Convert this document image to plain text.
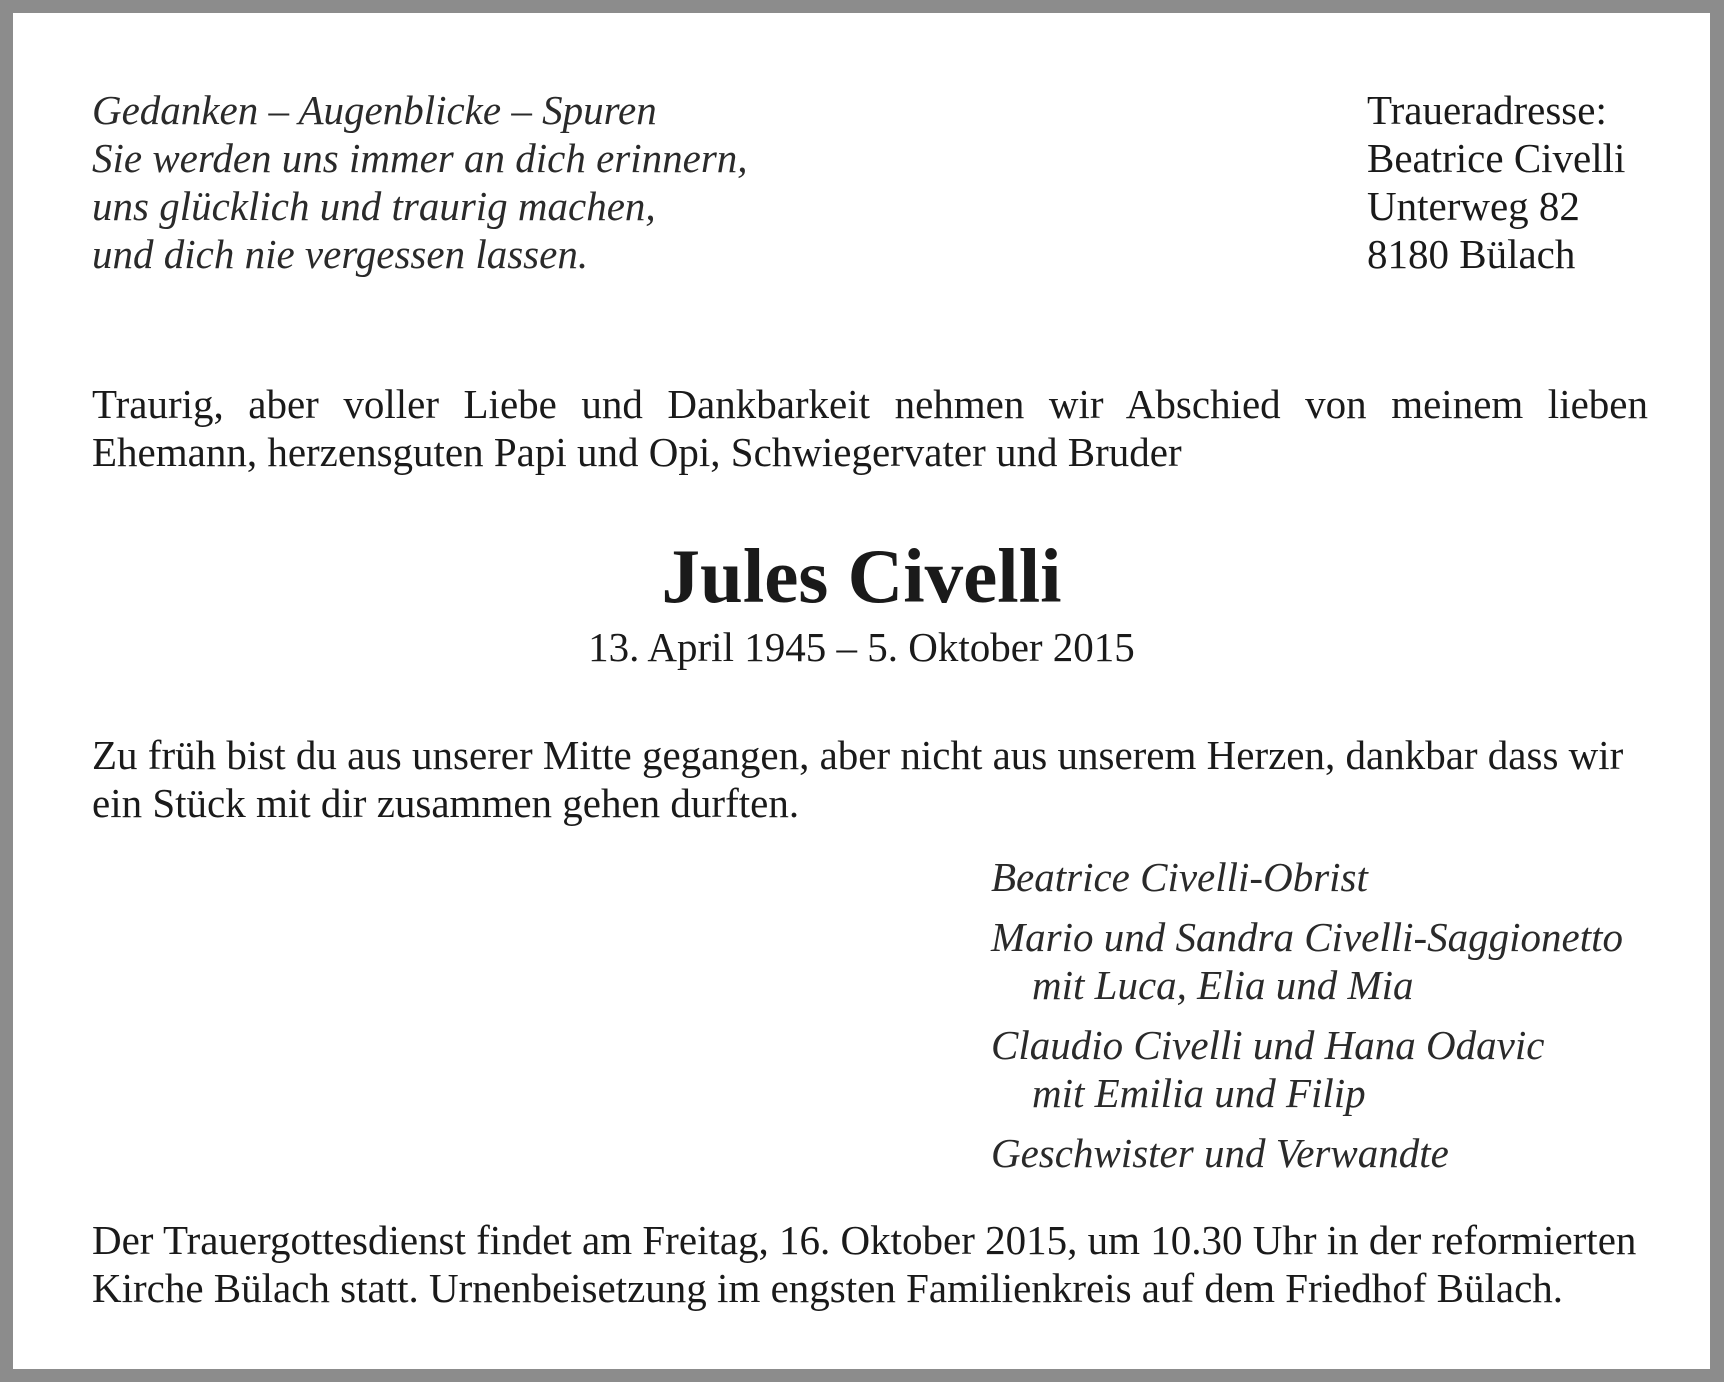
Gedanken – Augenblicke – Spuren
Sie werden uns immer an dich erinnern,
uns glücklich und traurig machen,
und dich nie vergessen lassen.
Traueradresse:
Beatrice Civelli
Unterweg 82
8180 Bülach
Traurig, aber voller Liebe und Dankbarkeit nehmen wir Abschied von meinem lieben
Ehemann, herzensguten Papi und Opi, Schwiegervater und Bruder
Jules Civelli
13. April 1945 – 5. Oktober 2015
Zu früh bist du aus unserer Mitte gegangen, aber nicht aus unserem Herzen, dankbar dass wir
ein Stück mit dir zusammen gehen durften.
Beatrice Civelli-Obrist
Mario und Sandra Civelli-Saggionetto
mit Luca, Elia und Mia
Claudio Civelli und Hana Odavic
mit Emilia und Filip
Geschwister und Verwandte
Der Trauergottesdienst findet am Freitag, 16. Oktober 2015, um 10.30 Uhr in der reformierten
Kirche Bülach statt. Urnenbeisetzung im engsten Familienkreis auf dem Friedhof Bülach.
